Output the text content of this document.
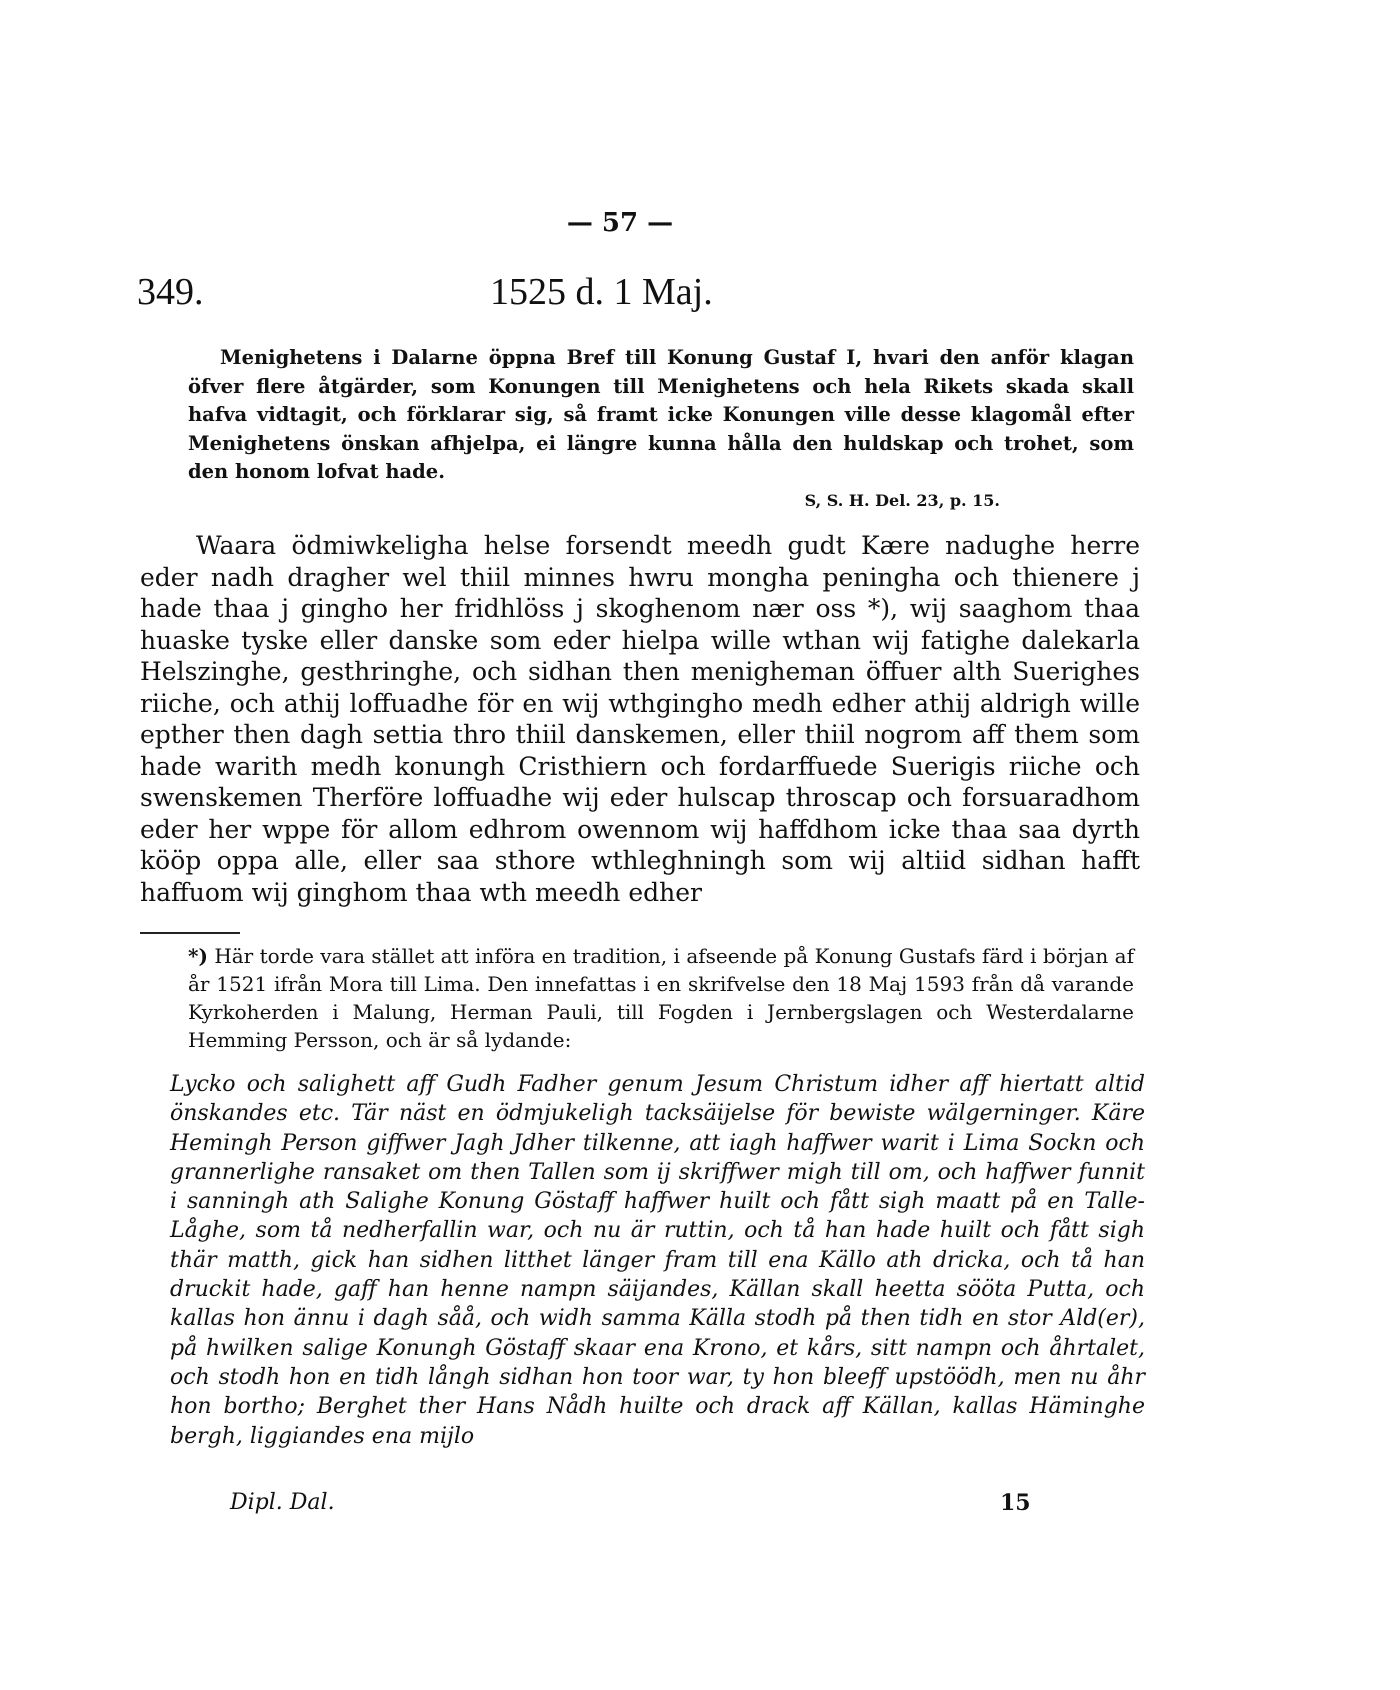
— 57 —
349.	1525 d. 1 Maj.
Menighetens i Dalarne öppna Bref till Konung Gustaf I, hvari den anför klagan öfver flere åtgärder, som Konungen till Menighetens och hela Rikets skada skall hafva vidtagit, och förklarar sig, så framt icke Konungen ville desse klagomål efter Menighetens önskan afhjelpa, ei längre kunna hålla den huldskap och trohet, som den honom lofvat hade.
S, S. H. Del. 23, p. 15.
Waara ödmiwkeligha helse forsendt meedh gudt Kære nadughe herre eder nadh dragher wel thiil minnes hwru mongha peningha och thienere j hade thaa j gingho her fridhlöss j skoghenom nær oss *), wij saaghom thaa huaske tyske eller danske som eder hielpa wille wthan wij fatighe dalekarla Helszinghe, gesthringhe, och sidhan then menigheman öffuer alth Suerighes riiche, och athij loffuadhe för en wij wthgingho medh edher athij aldrigh wille epther then dagh settia thro thiil danskemen, eller thiil nogrom aff them som hade warith medh konungh Cristhiern och fordarffuede Suerigis riiche och swenskemen Therföre loffuadhe wij eder hulscap throscap och forsuaradhom eder her wppe för allom edhrom owennom wij haffdhom icke thaa saa dyrth kööp oppa alle, eller saa sthore wthleghningh som wij altiid sidhan hafft haffuom wij ginghom thaa wth meedh edher
*) Här torde vara stället att införa en tradition, i afseende på Konung Gustafs färd i början af år 1521 ifrån Mora till Lima. Den innefattas i en skrifvelse den 18 Maj 1593 från då varande Kyrkoherden i Malung, Herman Pauli, till Fogden i Jernbergslagen och Westerdalarne Hemming Persson, och är så lydande:
Lycko och salighett aff Gudh Fadher genum Jesum Christum idher aff hiertatt altid önskandes etc. Tär näst en ödmjukeligh tacksäijelse för bewiste wälgerninger. Käre Hemingh Person giffwer Jagh Jdher tilkenne, att iagh haffwer warit i Lima Sockn och grannerlighe ransaket om then Tallen som ij skriffwer migh till om, och haffwer funnit i sanningh ath Salighe Konung Göstaff haffwer huilt och fått sigh maatt på en Talle-Låghe, som tå nedherfallin war, och nu är ruttin, och tå han hade huilt och fått sigh thär matth, gick han sidhen litthet länger fram till ena Källo ath dricka, och tå han druckit hade, gaff han henne nampn säijandes, Källan skall heetta sööta Putta, och kallas hon ännu i dagh såå, och widh samma Källa stodh på then tidh en stor Ald(er), på hwilken salige Konungh Göstaff skaar ena Krono, et kårs, sitt nampn och åhrtalet, och stodh hon en tidh långh sidhan hon toor war, ty hon bleeff upstöödh, men nu åhr hon bortho; Berghet ther Hans Nådh huilte och drack aff Källan, kallas Häminghe bergh, liggiandes ena mijlo
Dipl. Dal.	15
